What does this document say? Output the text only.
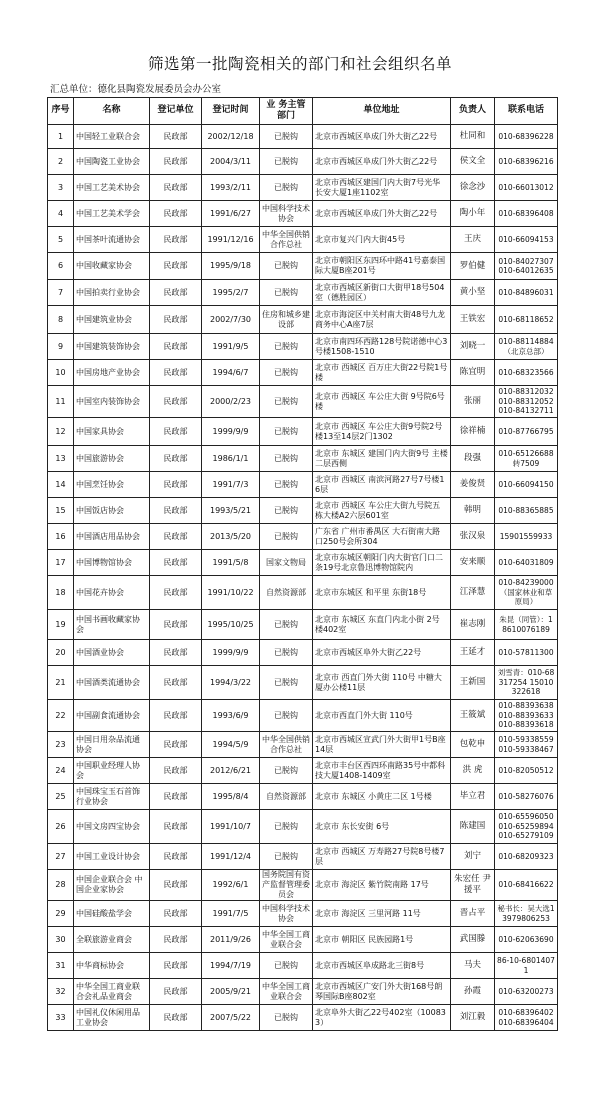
筛选第一批陶瓷相关的部门和社会组织名单
汇总单位：德化县陶瓷发展委员会办公室
序号	名称	登记单位	登记时间	业 务主管部门	单位地址	负责人	联系电话
1	中国轻工业联合会	民政部	2002/12/18	已脱钩	北京市西城区阜成门外大街乙22号	杜同和	010-68396228
2	中国陶瓷工业协会	民政部	2004/3/11	已脱钩	北京市西城区阜成门外大街乙22号	侯文全	010-68396216
3	中国工艺美术协会	民政部	1993/2/11	已脱钩	北京市西城区建国门内大街7号光华长安大厦1座1102室	徐念沙	010-66013012
4	中国工艺美术学会	民政部	1991/6/27	中国科学技术协会	北京市西城区阜成门外大街乙22号	陶小年	010-68396408
5	中国茶叶流通协会	民政部	1991/12/16	中华全国供销合作总社	北京市复兴门内大街45号	王庆	010-66094153
6	中国收藏家协会	民政部	1995/9/18	已脱钩	北京市朝阳区东四环中路41号嘉泰国际大厦B座201号	罗伯健	010-84027307 010-64012635
7	中国拍卖行业协会	民政部	1995/2/7	已脱钩	北京市西城区新街口大街甲18号504室（德胜园区）	黄小坚	010-84896031
8	中国建筑业协会	民政部	2002/7/30	住房和城乡建设部	北京市海淀区中关村南大街48号九龙商务中心A座7层	王铁宏	010-68118652
9	中国建筑装饰协会	民政部	1991/9/5	已脱钩	北京市南四环西路128号院诺德中心3号楼1508-1510	刘晓一	010-88114884（北京总部）
10	中国房地产业协会	民政部	1994/6/7	已脱钩	北京市 西城区 百万庄大街22号院1号楼	陈宜明	010-68323566
11	中国室内装饰协会	民政部	2000/2/23	已脱钩	北京市 西城区 车公庄大街 9号院6号楼	张丽	010-88312032 010-88312052 010-84132711
12	中国家具协会	民政部	1999/9/9	已脱钩	北京市 西城区 车公庄大街9号院2号楼13至14层2门1302	徐祥楠	010-87766795
13	中国旅游协会	民政部	1986/1/1	已脱钩	北京市 东城区 建国门内大街9号 主楼二层西侧	段强	010-65126688转7509
14	中国烹饪协会	民政部	1991/7/3	已脱钩	北京市 西城区 南滨河路27号7号楼16层	姜俊贤	010-66094150
15	中国饭店协会	民政部	1993/5/21	已脱钩	北京市 西城区 车公庄大街九号院五栋大楼A2六层601室	韩明	010-88365885
16	中国酒店用品协会	民政部	2013/5/20	已脱钩	广东省 广州市番禺区 大石街南大路口250号会所304	张汉泉	15901559933
17	中国博物馆协会	民政部	1991/5/8	国家文物局	北京市东城区朝阳门内大街官门口二条19号北京鲁迅博物馆院内	安来顺	010-64031809
18	中国花卉协会	民政部	1991/10/22	自然资源部	北京市东城区 和平里 东街18号	江泽慧	010-84239000（国家林业和草原局）
19	中国书画收藏家协会	民政部	1995/10/25	已脱钩	北京市 东城区 东直门内北小街 2号 楼402室	崔志刚	朱昆（同管）：18610076189
20	中国酒业协会	民政部	1999/9/9	已脱钩	北京市西城区阜外大街乙22号	王延才	010-57811300
21	中国酒类流通协会	民政部	1994/3/22	已脱钩	北京市 西直门外大街 110号 中糖大厦办公楼11层	王新国	刘雪青：010-68317254 15010322618
22	中国副食流通协会	民政部	1993/6/9	已脱钩	北京市西直门外大街 110号	王筱斌	010-88393638 010-88393633 010-88393618
23	中国日用杂品流通协会	民政部	1994/5/9	中华全国供销合作总社	北京市西城区宣武门外大街甲1号B座14层	包乾申	010-59338559 010-59338467
24	中国职业经理人协会	民政部	2012/6/21	已脱钩	北京市丰台区西四环南路35号中都科技大厦1408-1409室	洪 虎	010-82050512
25	中国珠宝玉石首饰行业协会	民政部	1995/8/4	自然资源部	北京市 东城区 小黄庄二区 1号楼	毕立君	010-58276076
26	中国文房四宝协会	民政部	1991/10/7	已脱钩	北京市 东长安街 6号	陈建国	010-65596050 010-65259894 010-65279109
27	中国工业设计协会	民政部	1991/12/4	已脱钩	北京市 西城区 万寿路27号院8号楼7层	刘宁	010-68209323
28	中国企业联合会 中国企业家协会	民政部	1992/6/1	国务院国有资产监督管理委员会	北京市 海淀区 紫竹院南路 17号	朱宏任 尹援平	010-68416622
29	中国硅酸盐学会	民政部	1991/7/5	中国科学技术协会	北京市 海淀区 三里河路 11号	晋占平	秘书长：吴大选13979806253
30	全联旅游业商会	民政部	2011/9/26	中华全国工商业联合会	北京市 朝阳区 民族园路1号	武国滕	010-62063690
31	中华商标协会	民政部	1994/7/19	已脱钩	北京市西城区阜成路北三街8号	马夫	86-10-68014071
32	中华全国工商业联合会礼品业商会	民政部	2005/9/21	中华全国工商业联合会	北京市西城区广安门外大街168号朗琴国际B座802室	孙霞	010-63200273
33	中国礼仪休闲用品工业协会	民政部	2007/5/22	已脱钩	北京阜外大街乙22号402室（100833）	刘江毅	010-68396402 010-68396404
